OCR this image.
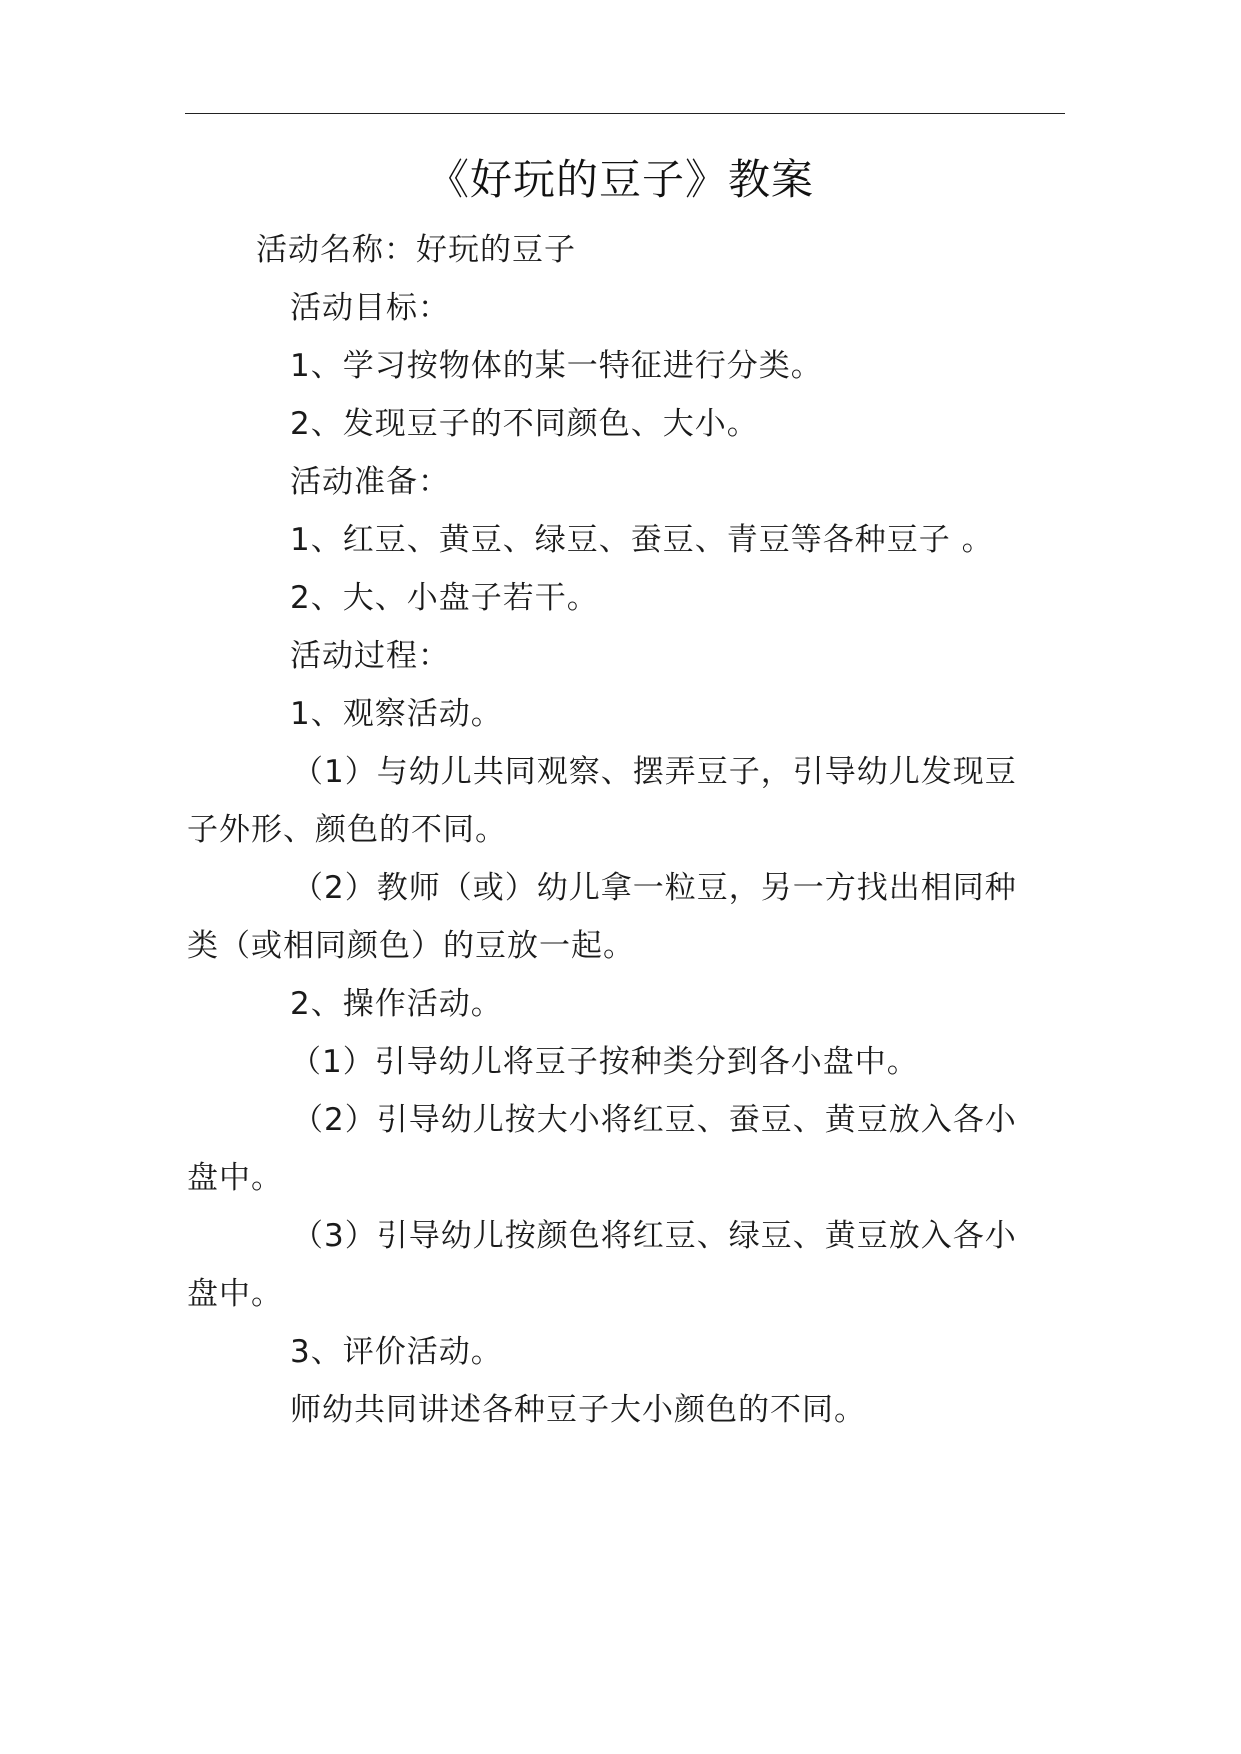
《好玩的豆子》教案
活动名称：好玩的豆子
活动目标：
1、学习按物体的某一特征进行分类。
2、发现豆子的不同颜色、大小。
活动准备：
1、红豆、黄豆、绿豆、蚕豆、青豆等各种豆子 。
2、大、小盘子若干。
活动过程：
1、观察活动。
（1）与幼儿共同观察、摆弄豆子，引导幼儿发现豆
子外形、颜色的不同。
（2）教师（或）幼儿拿一粒豆，另一方找出相同种
类（或相同颜色）的豆放一起。
2、操作活动。
（1）引导幼儿将豆子按种类分到各小盘中。
（2）引导幼儿按大小将红豆、蚕豆、黄豆放入各小
盘中。
（3）引导幼儿按颜色将红豆、绿豆、黄豆放入各小
盘中。
3、评价活动。
师幼共同讲述各种豆子大小颜色的不同。
